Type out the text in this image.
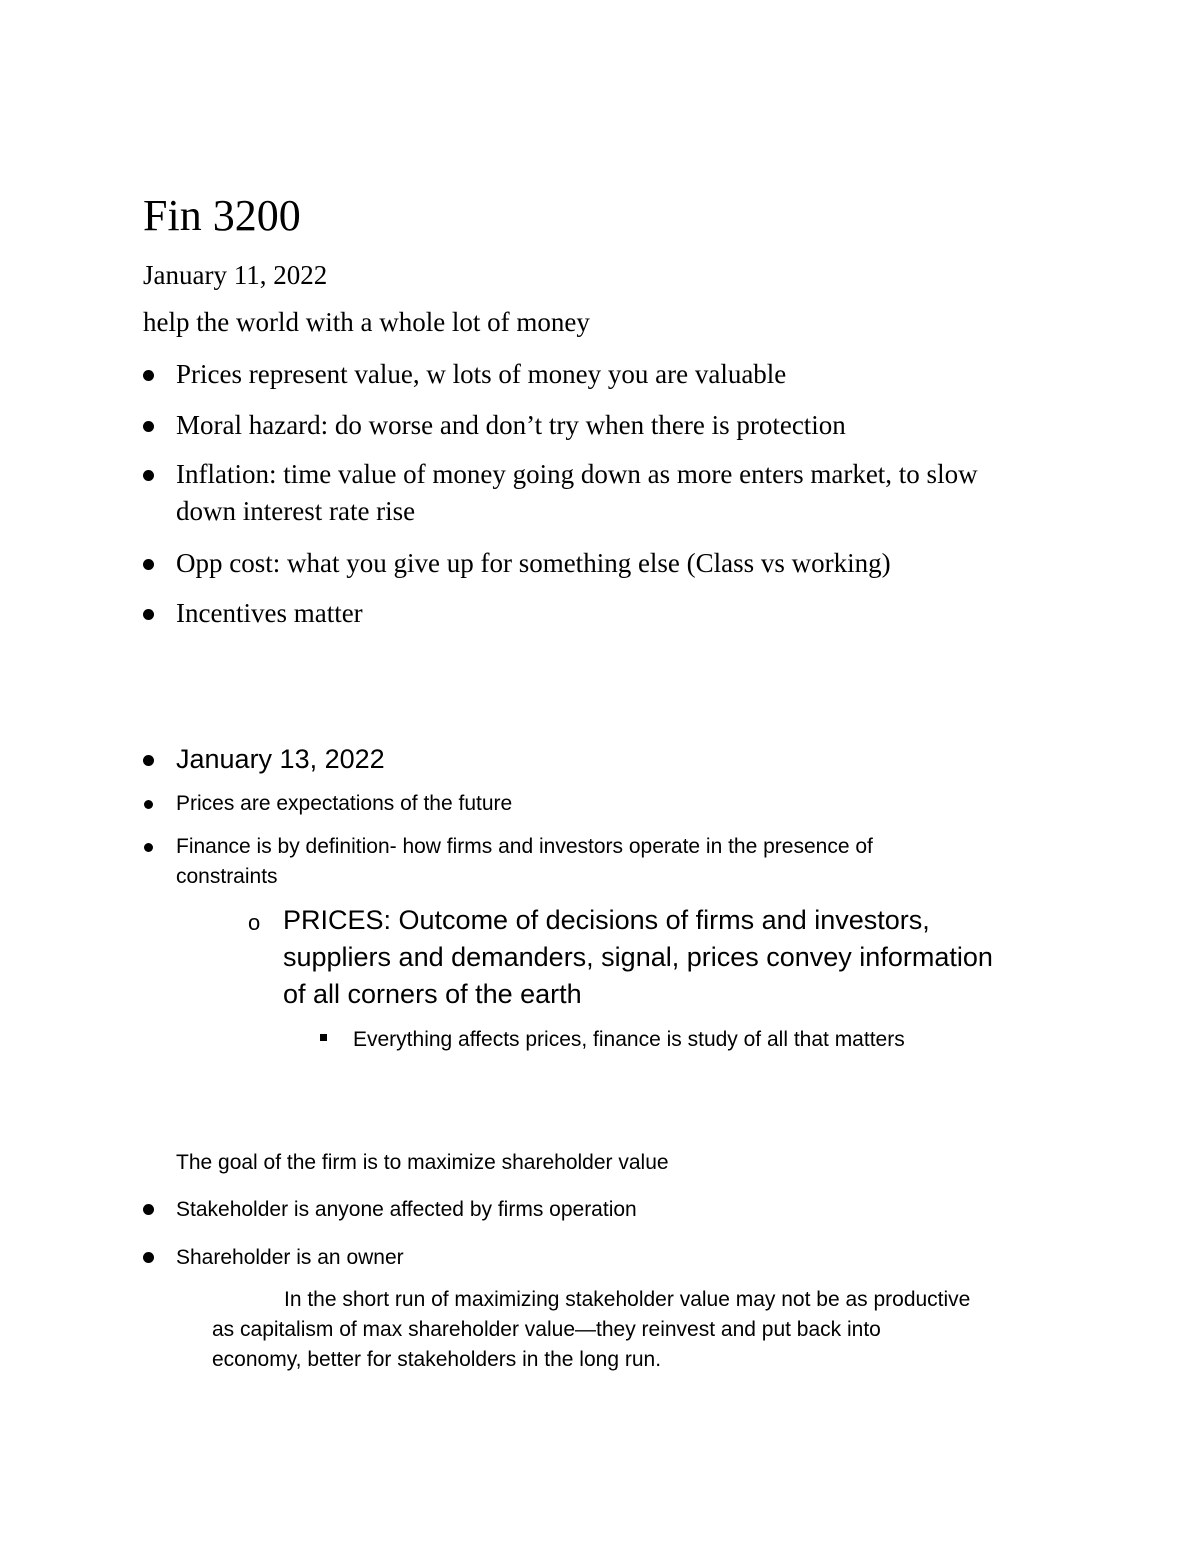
Fin 3200
January 11, 2022
help the world with a whole lot of money
Prices represent value, w lots of money you are valuable
Moral hazard: do worse and don’t try when there is protection
Inflation: time value of money going down as more enters market, to slow
down interest rate rise
Opp cost: what you give up for something else (Class vs working)
Incentives matter
January 13, 2022
Prices are expectations of the future
Finance is by definition- how firms and investors operate in the presence of
constraints
o PRICES: Outcome of decisions of firms and investors,
suppliers and demanders, signal, prices convey information
of all corners of the earth
Everything affects prices, finance is study of all that matters
The goal of the firm is to maximize shareholder value
Stakeholder is anyone affected by firms operation
Shareholder is an owner
In the short run of maximizing stakeholder value may not be as productive
as capitalism of max shareholder value—they reinvest and put back into
economy, better for stakeholders in the long run.
